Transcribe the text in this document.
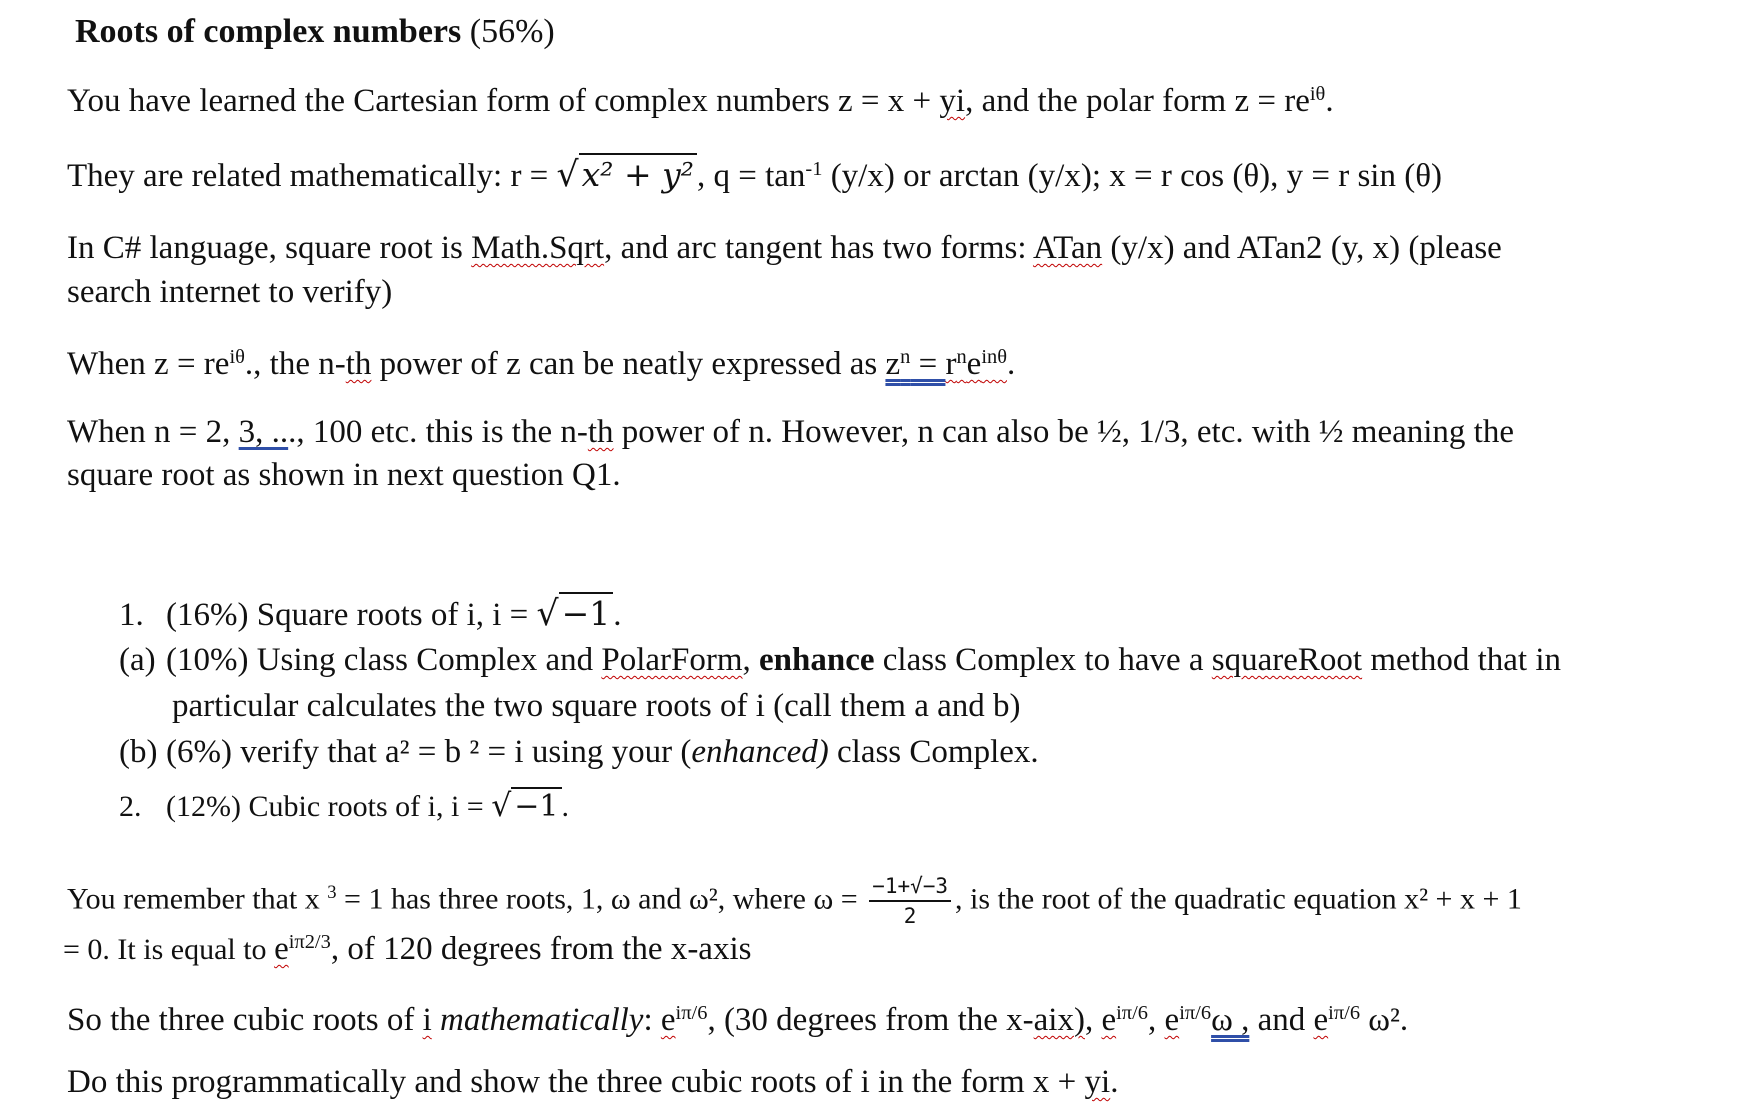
Roots of complex numbers (56%)
You have learned the Cartesian form of complex numbers z = x + yi, and the polar form $z = re^{i\theta}$.
They are related mathematically: r = √x² + y², $q = \tan^{-1} (y/x)$ or arctan (y/x); x = r cos (θ), y = r sin (θ)
In C# language, square root is Math.Sqrt, and arc tangent has two forms: ATan (y/x) and ATan2 (y, x) (please
search internet to verify)
When $z = re^{i\theta}$., the n-th power of z can be neatly expressed as $z^n = r^ne^{in\theta}$.
When n = 2, 3, ..., 100 etc. this is the n-th power of n. However, n can also be ½, 1/3, etc. with ½ meaning the
square root as shown in next question Q1.
1. (16%) Square roots of i, i = √−1.
(a) (10%) Using class Complex and PolarForm, enhance class Complex to have a squareRoot method that in
particular calculates the two square roots of i (call them a and b)
(b) (6%) verify that a² = b ² = i using your (enhanced) class Complex.
2. (12%) Cubic roots of i, i = √ −1 .
You remember that x $^3$ = 1 has three roots, 1, ω and ω², where $\omega = \frac{-1+√-3}{2}$ , is the root of the quadratic equation x² + x + 1
= 0. It is equal to $e^{i\pi 2/3}$, of 120 degrees from the x-axis
So the three cubic roots of i mathematically: $e^{i\pi/6}$, (30 degrees from the x-aix), $e^{i\pi/6}$, $e^{i\pi/6}\omega$ , and $e^{i\pi/6}$ ω².
Do this programmatically and show the three cubic roots of i in the form x + yi.
